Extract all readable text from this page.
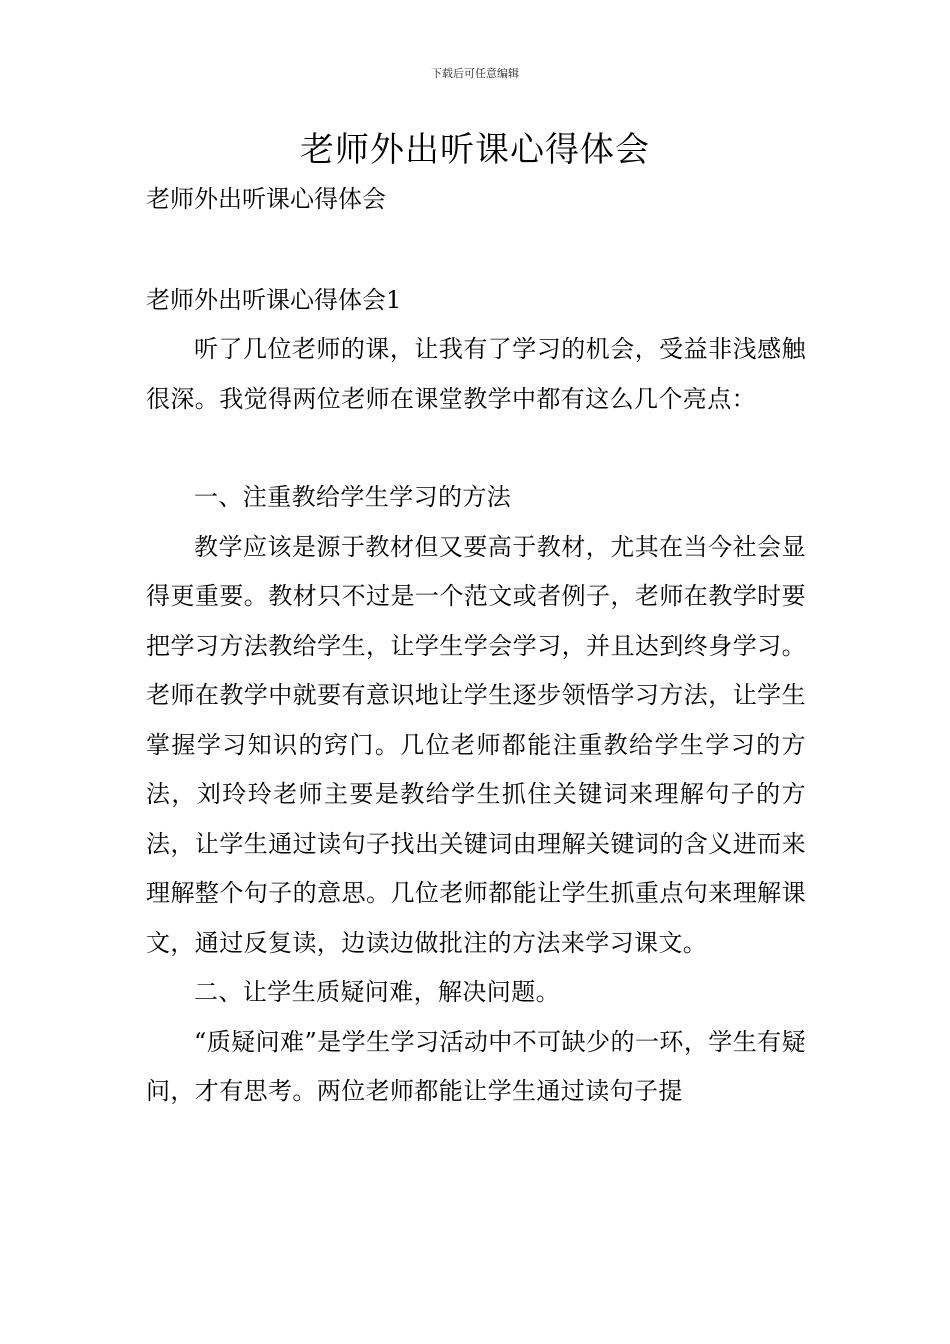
下载后可任意编辑
老师外出听课心得体会
老师外出听课心得体会
老师外出听课心得体会1

听了几位老师的课，让我有了学习的机会，受益非浅感触很深。我觉得两位老师在课堂教学中都有这么几个亮点：

一、注重教给学生学习的方法

教学应该是源于教材但又要高于教材，尤其在当今社会显得更重要。教材只不过是一个范文或者例子，老师在教学时要把学习方法教给学生，让学生学会学习，并且达到终身学习。老师在教学中就要有意识地让学生逐步领悟学习方法，让学生掌握学习知识的窍门。几位老师都能注重教给学生学习的方法，刘玲玲老师主要是教给学生抓住关键词来理解句子的方法，让学生通过读句子找出关键词由理解关键词的含义进而来理解整个句子的意思。几位老师都能让学生抓重点句来理解课文，通过反复读，边读边做批注的方法来学习课文。

二、让学生质疑问难，解决问题。

“质疑问难”是学生学习活动中不可缺少的一环，学生有疑问，才有思考。两位老师都能让学生通过读句子提
